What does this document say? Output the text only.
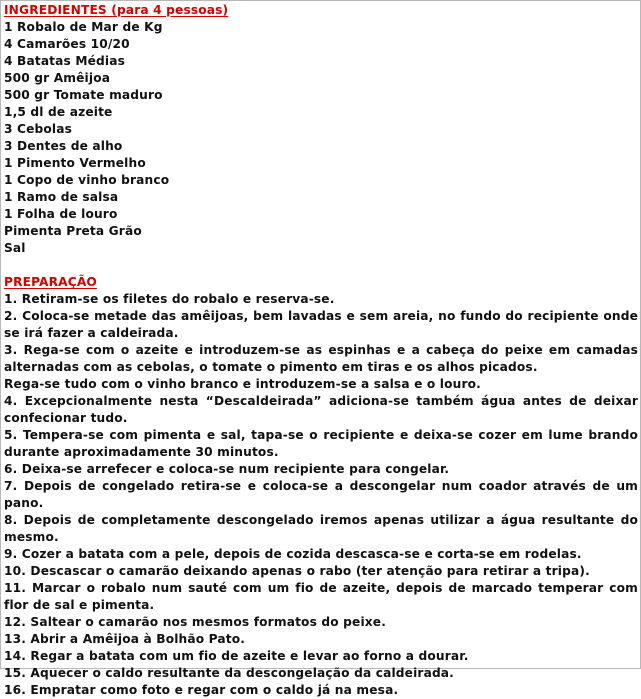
INGREDIENTES (para 4 pessoas)
1 Robalo de Mar de Kg
4 Camarões 10/20
4 Batatas Médias
500 gr Amêijoa
500 gr Tomate maduro
1,5 dl de azeite
3 Cebolas
3 Dentes de alho
1 Pimento Vermelho
1 Copo de vinho branco
1 Ramo de salsa
1 Folha de louro
Pimenta Preta Grão
Sal
PREPARAÇÃO
1. Retiram-se os filetes do robalo e reserva-se.
2. Coloca-se metade das amêijoas, bem lavadas e sem areia, no fundo do recipiente onde se irá fazer a caldeirada.
3. Rega-se com o azeite e introduzem-se as espinhas e a cabeça do peixe em camadas alternadas com as cebolas, o tomate o pimento em tiras e os alhos picados.
Rega-se tudo com o vinho branco e introduzem-se a salsa e o louro.
4. Excepcionalmente nesta “Descaldeirada” adiciona-se também água antes de deixar confecionar tudo.
5. Tempera-se com pimenta e sal, tapa-se o recipiente e deixa-se cozer em lume brando durante aproximadamente 30 minutos.
6. Deixa-se arrefecer e coloca-se num recipiente para congelar.
7. Depois de congelado retira-se e coloca-se a descongelar num coador através de um pano.
8. Depois de completamente descongelado iremos apenas utilizar a água resultante do mesmo.
9. Cozer a batata com a pele, depois de cozida descasca-se e corta-se em rodelas.
10. Descascar o camarão deixando apenas o rabo (ter atenção para retirar a tripa).
11. Marcar o robalo num sauté com um fio de azeite, depois de marcado temperar com flor de sal e pimenta.
12. Saltear o camarão nos mesmos formatos do peixe.
13. Abrir a Amêijoa à Bolhão Pato.
14. Regar a batata com um fio de azeite e levar ao forno a dourar.
15. Aquecer o caldo resultante da descongelação da caldeirada.
16. Empratar como foto e regar com o caldo já na mesa.
